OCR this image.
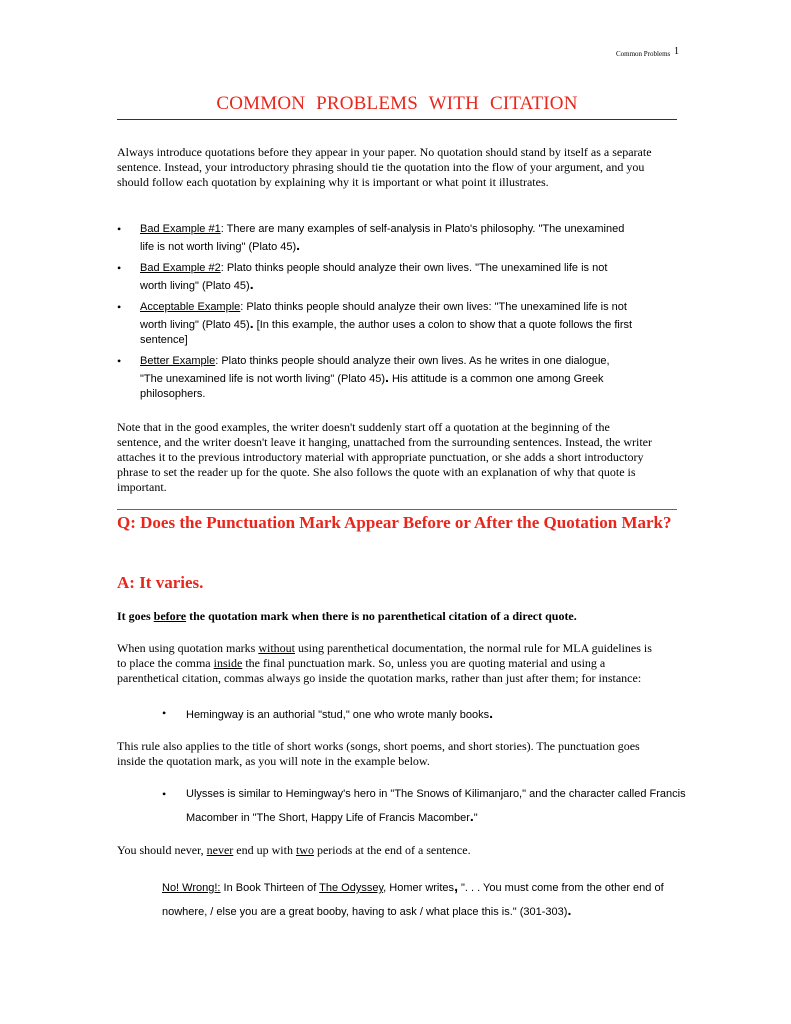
Common Problems 1
COMMON PROBLEMS WITH CITATION

Always introduce quotations before they appear in your paper. No quotation should stand by itself as a separate sentence. Instead, your introductory phrasing should tie the quotation into the flow of your argument, and you should follow each quotation by explaining why it is important or what point it illustrates.

• Bad Example #1: There are many examples of self-analysis in Plato's philosophy. "The unexamined
life is not worth living" (Plato 45).
• Bad Example #2: Plato thinks people should analyze their own lives. "The unexamined life is not
worth living" (Plato 45).
• Acceptable Example: Plato thinks people should analyze their own lives: "The unexamined life is not
worth living" (Plato 45). [In this example, the author uses a colon to show that a quote follows the first sentence]
• Better Example: Plato thinks people should analyze their own lives. As he writes in one dialogue,
"The unexamined life is not worth living" (Plato 45). His attitude is a common one among Greek philosophers.

Note that in the good examples, the writer doesn't suddenly start off a quotation at the beginning of the sentence, and the writer doesn't leave it hanging, unattached from the surrounding sentences. Instead, the writer attaches it to the previous introductory material with appropriate punctuation, or she adds a short introductory phrase to set the reader up for the quote. She also follows the quote with an explanation of why that quote is important.

Q: Does the Punctuation Mark Appear Before or After the Quotation Mark?
A: It varies.

It goes before the quotation mark when there is no parenthetical citation of a direct quote.

When using quotation marks without using parenthetical documentation, the normal rule for MLA guidelines is to place the comma inside the final punctuation mark. So, unless you are quoting material and using a parenthetical citation, commas always go inside the quotation marks, rather than just after them; for instance:

• Hemingway is an authorial "stud," one who wrote manly books.

This rule also applies to the title of short works (songs, short poems, and short stories). The punctuation goes inside the quotation mark, as you will note in the example below.

• Ulysses is similar to Hemingway's hero in "The Snows of Kilimanjaro," and the character called Francis Macomber in "The Short, Happy Life of Francis Macomber."

You should never, never end up with two periods at the end of a sentence.

No! Wrong!: In Book Thirteen of The Odyssey, Homer writes, ". . . You must come from the other end of nowhere, / else you are a great booby, having to ask / what place this is." (301-303).
